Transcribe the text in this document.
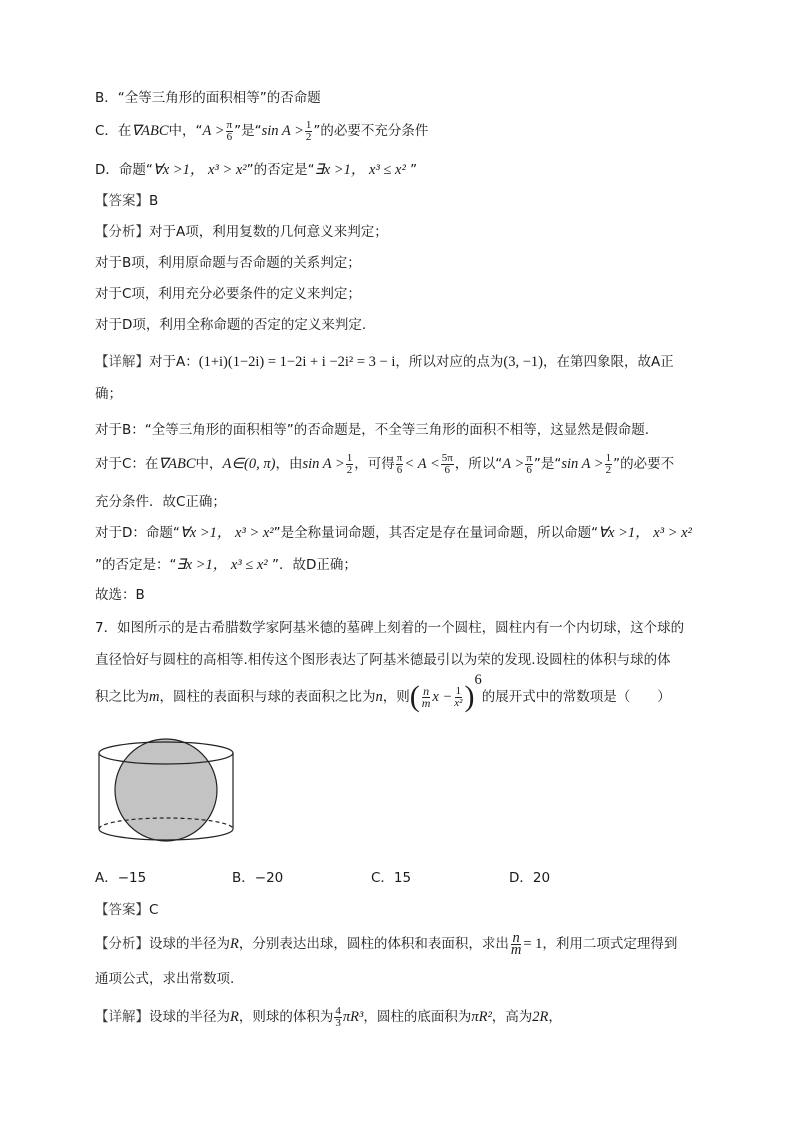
B．“全等三角形的面积相等”的否命题
C．在∇ABC中，“$A > \frac{\pi}{6}$ ”是“sin $A > \frac{1}{2}$ ”的必要不充分条件
D．命题“∀x >1， x³ > x²”的否定是“∃x >1， x³ ≤ x² ”
【答案】B
【分析】对于A项，利用复数的几何意义来判定；
对于B项，利用原命题与否命题的关系判定；
对于C项，利用充分必要条件的定义来判定；
对于D项，利用全称命题的否定的定义来判定.
【详解】对于A：(1+i)(1−2i) = 1−2i + i −2i² = 3 − i，所以对应的点为(3, −1)，在第四象限，故A正
确；
对于B：“全等三角形的面积相等”的否命题是，不全等三角形的面积不相等，这显然是假命题.
对于C：在∇ABC中，A∈(0, π)，由$\sin A > \frac{1}{2}$ ，可得 $\frac{\pi}{6} < A < \frac{5\pi}{6}$ ，所以“$A > \frac{\pi}{6}$ ”是“sin $A > \frac{1}{2}$ ”的必要不
充分条件．故C正确；
对于D：命题“∀x >1， x³ > x²”是全称量词命题，其否定是存在量词命题，所以命题“∀x >1， x³ > x²
”的否定是：“∃x >1， x³ ≤ x² ”．故D正确；
故选：B
7．如图所示的是古希腊数学家阿基米德的墓碑上刻着的一个圆柱，圆柱内有一个内切球，这个球的
直径恰好与圆柱的高相等.相传这个图形表达了阿基米德最引以为荣的发现.设圆柱的体积与球的体
积之比为m，圆柱的表面积与球的表面积之比为n，则( $\frac{n}{m}$ $x - \frac{1}{\text{x²}} )^6$的展开式中的常数项是（　　）
A．−15	B．−20	C．15	D．20
【答案】C
【分析】设球的半径为R，分别表达出球，圆柱的体积和表面积，求出 $\frac{n}{m} = 1$，利用二项式定理得到
通项公式，求出常数项.
【详解】设球的半径为R，则球的体积为 $\frac{4}{3} \pi R^3$，圆柱的底面积为πR²，高为2R，
